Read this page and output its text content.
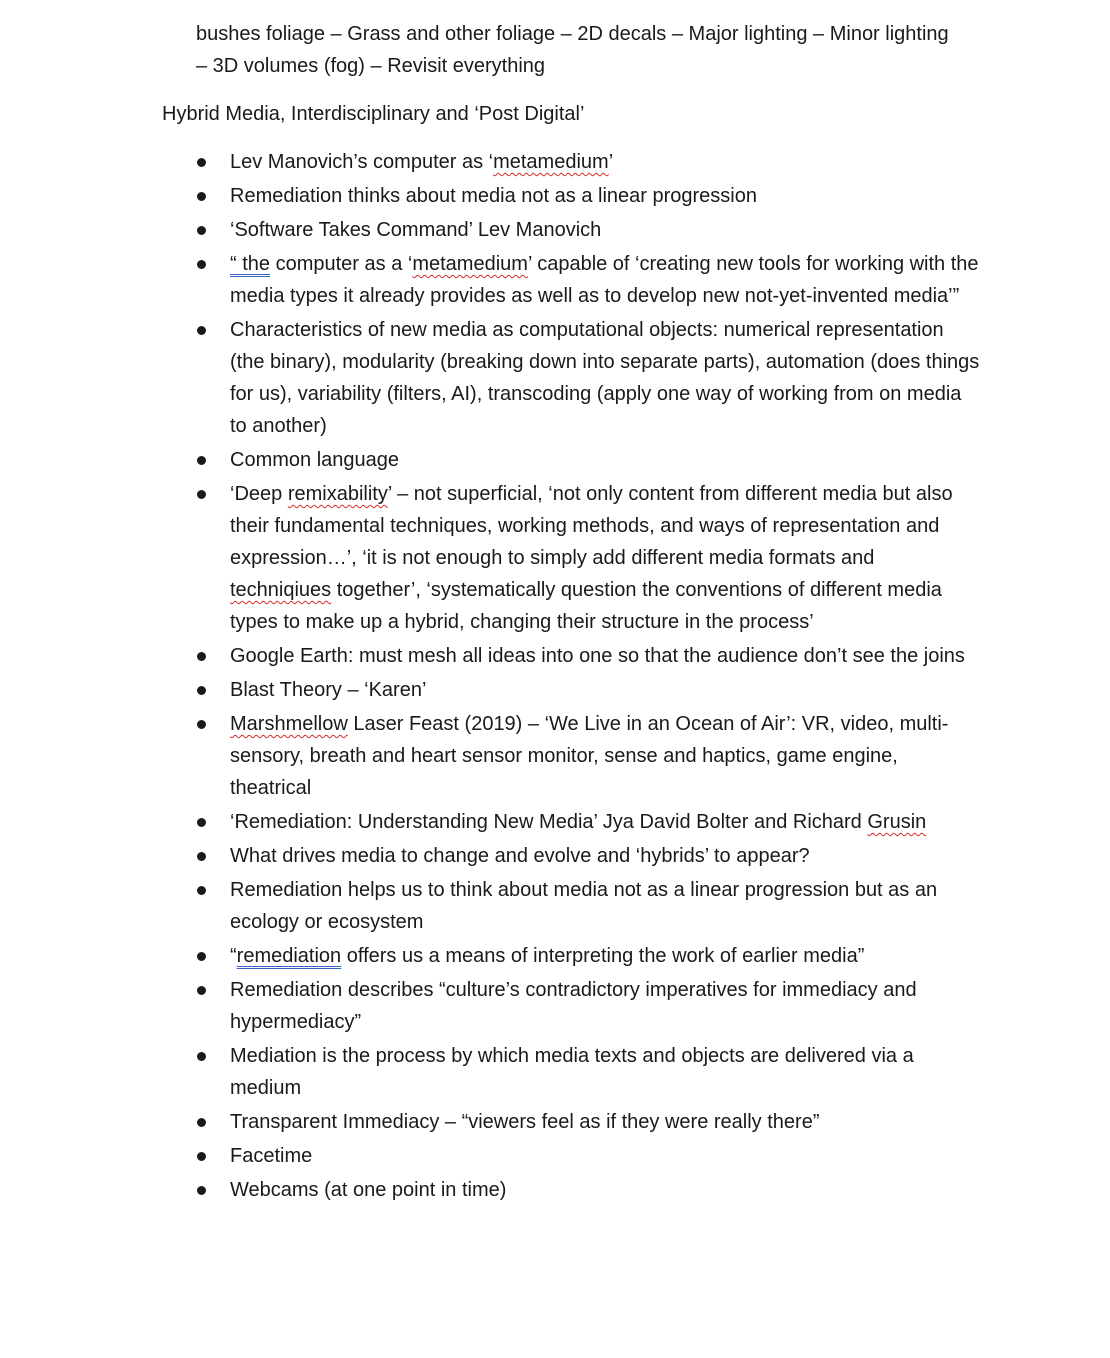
bushes foliage – Grass and other foliage – 2D decals – Major lighting – Minor lighting – 3D volumes (fog) – Revisit everything

Hybrid Media, Interdisciplinary and ‘Post Digital’

Lev Manovich’s computer as ‘metamedium’
Remediation thinks about media not as a linear progression
‘Software Takes Command’ Lev Manovich
“ the computer as a ‘metamedium’ capable of ‘creating new tools for working with the media types it already provides as well as to develop new not-yet-invented media’”
Characteristics of new media as computational objects: numerical representation (the binary), modularity (breaking down into separate parts), automation (does things for us), variability (filters, AI), transcoding (apply one way of working from on media to another)
Common language
‘Deep remixability’ – not superficial, ‘not only content from different media but also their fundamental techniques, working methods, and ways of representation and expression…’, ‘it is not enough to simply add different media formats and techniqiues together’, ‘systematically question the conventions of different media types to make up a hybrid, changing their structure in the process’
Google Earth: must mesh all ideas into one so that the audience don’t see the joins
Blast Theory – ‘Karen’
Marshmellow Laser Feast (2019) – ‘We Live in an Ocean of Air’: VR, video, multi-sensory, breath and heart sensor monitor, sense and haptics, game engine, theatrical
‘Remediation: Understanding New Media’ Jya David Bolter and Richard Grusin
What drives media to change and evolve and ‘hybrids’ to appear?
Remediation helps us to think about media not as a linear progression but as an ecology or ecosystem
“remediation offers us a means of interpreting the work of earlier media”
Remediation describes “culture’s contradictory imperatives for immediacy and hypermediacy”
Mediation is the process by which media texts and objects are delivered via a medium
Transparent Immediacy – “viewers feel as if they were really there”
Facetime
Webcams (at one point in time)
